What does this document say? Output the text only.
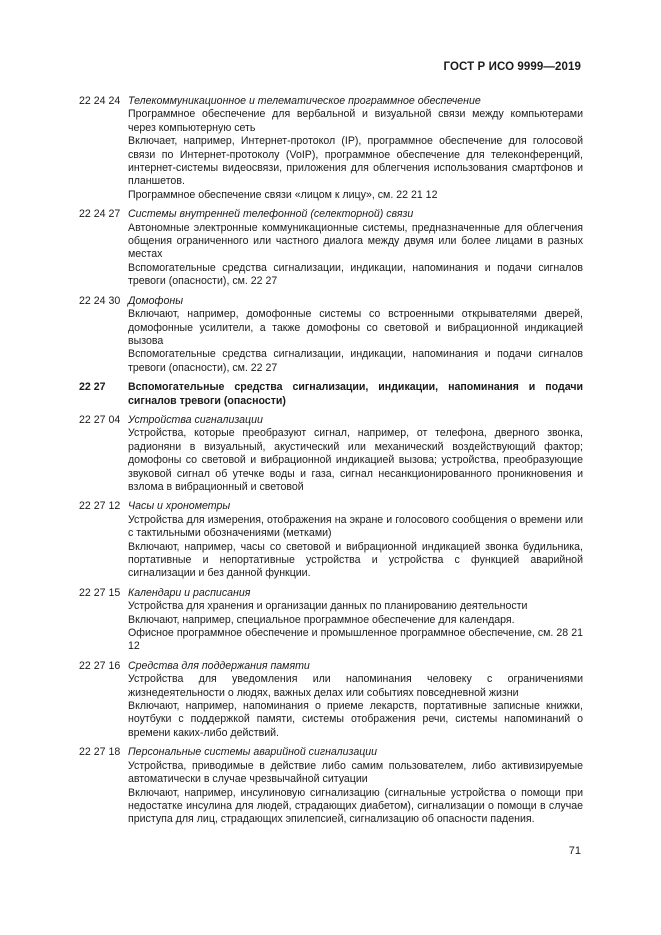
ГОСТ Р ИСО 9999—2019
22 24 24 Телекоммуникационное и телематическое программное обеспечение
Программное обеспечение для вербальной и визуальной связи между компьютерами через компьютерную сеть
Включает, например, Интернет-протокол (IP), программное обеспечение для голосовой связи по Интернет-протоколу (VoIP), программное обеспечение для телеконференций, интернет-системы видеосвязи, приложения для облегчения использования смартфонов и планшетов.
Программное обеспечение связи «лицом к лицу», см. 22 21 12
22 24 27 Системы внутренней телефонной (селекторной) связи
Автономные электронные коммуникационные системы, предназначенные для облегчения общения ограниченного или частного диалога между двумя или более лицами в разных местах
Вспомогательные средства сигнализации, индикации, напоминания и подачи сигналов тревоги (опасности), см. 22 27
22 24 30 Домофоны
Включают, например, домофонные системы со встроенными открывателями дверей, домофонные усилители, а также домофоны со световой и вибрационной индикацией вызова
Вспомогательные средства сигнализации, индикации, напоминания и подачи сигналов тревоги (опасности), см. 22 27
22 27	Вспомогательные средства сигнализации, индикации, напоминания и подачи сигналов тревоги (опасности)
22 27 04 Устройства сигнализации
Устройства, которые преобразуют сигнал, например, от телефона, дверного звонка, радионяни в визуальный, акустический или механический воздействующий фактор; домофоны со световой и вибрационной индикацией вызова; устройства, преобразующие звуковой сигнал об утечке воды и газа, сигнал несанкционированного проникновения и взлома в вибрационный и световой
22 27 12 Часы и хронометры
Устройства для измерения, отображения на экране и голосового сообщения о времени или с тактильными обозначениями (метками)
Включают, например, часы со световой и вибрационной индикацией звонка будильника, портативные и непортативные устройства и устройства с функцией аварийной сигнализации и без данной функции.
22 27 15 Календари и расписания
Устройства для хранения и организации данных по планированию деятельности
Включают, например, специальное программное обеспечение для календаря.
Офисное программное обеспечение и промышленное программное обеспечение, см. 28 21 12
22 27 16 Средства для поддержания памяти
Устройства для уведомления или напоминания человеку с ограничениями жизнедеятельности о людях, важных делах или событиях повседневной жизни
Включают, например, напоминания о приеме лекарств, портативные записные книжки, ноутбуки с поддержкой памяти, системы отображения речи, системы напоминаний о времени каких-либо действий.
22 27 18 Персональные системы аварийной сигнализации
Устройства, приводимые в действие либо самим пользователем, либо активизируемые автоматически в случае чрезвычайной ситуации
Включают, например, инсулиновую сигнализацию (сигнальные устройства о помощи при недостатке инсулина для людей, страдающих диабетом), сигнализации о помощи в случае приступа для лиц, страдающих эпилепсией, сигнализацию об опасности падения.
71
